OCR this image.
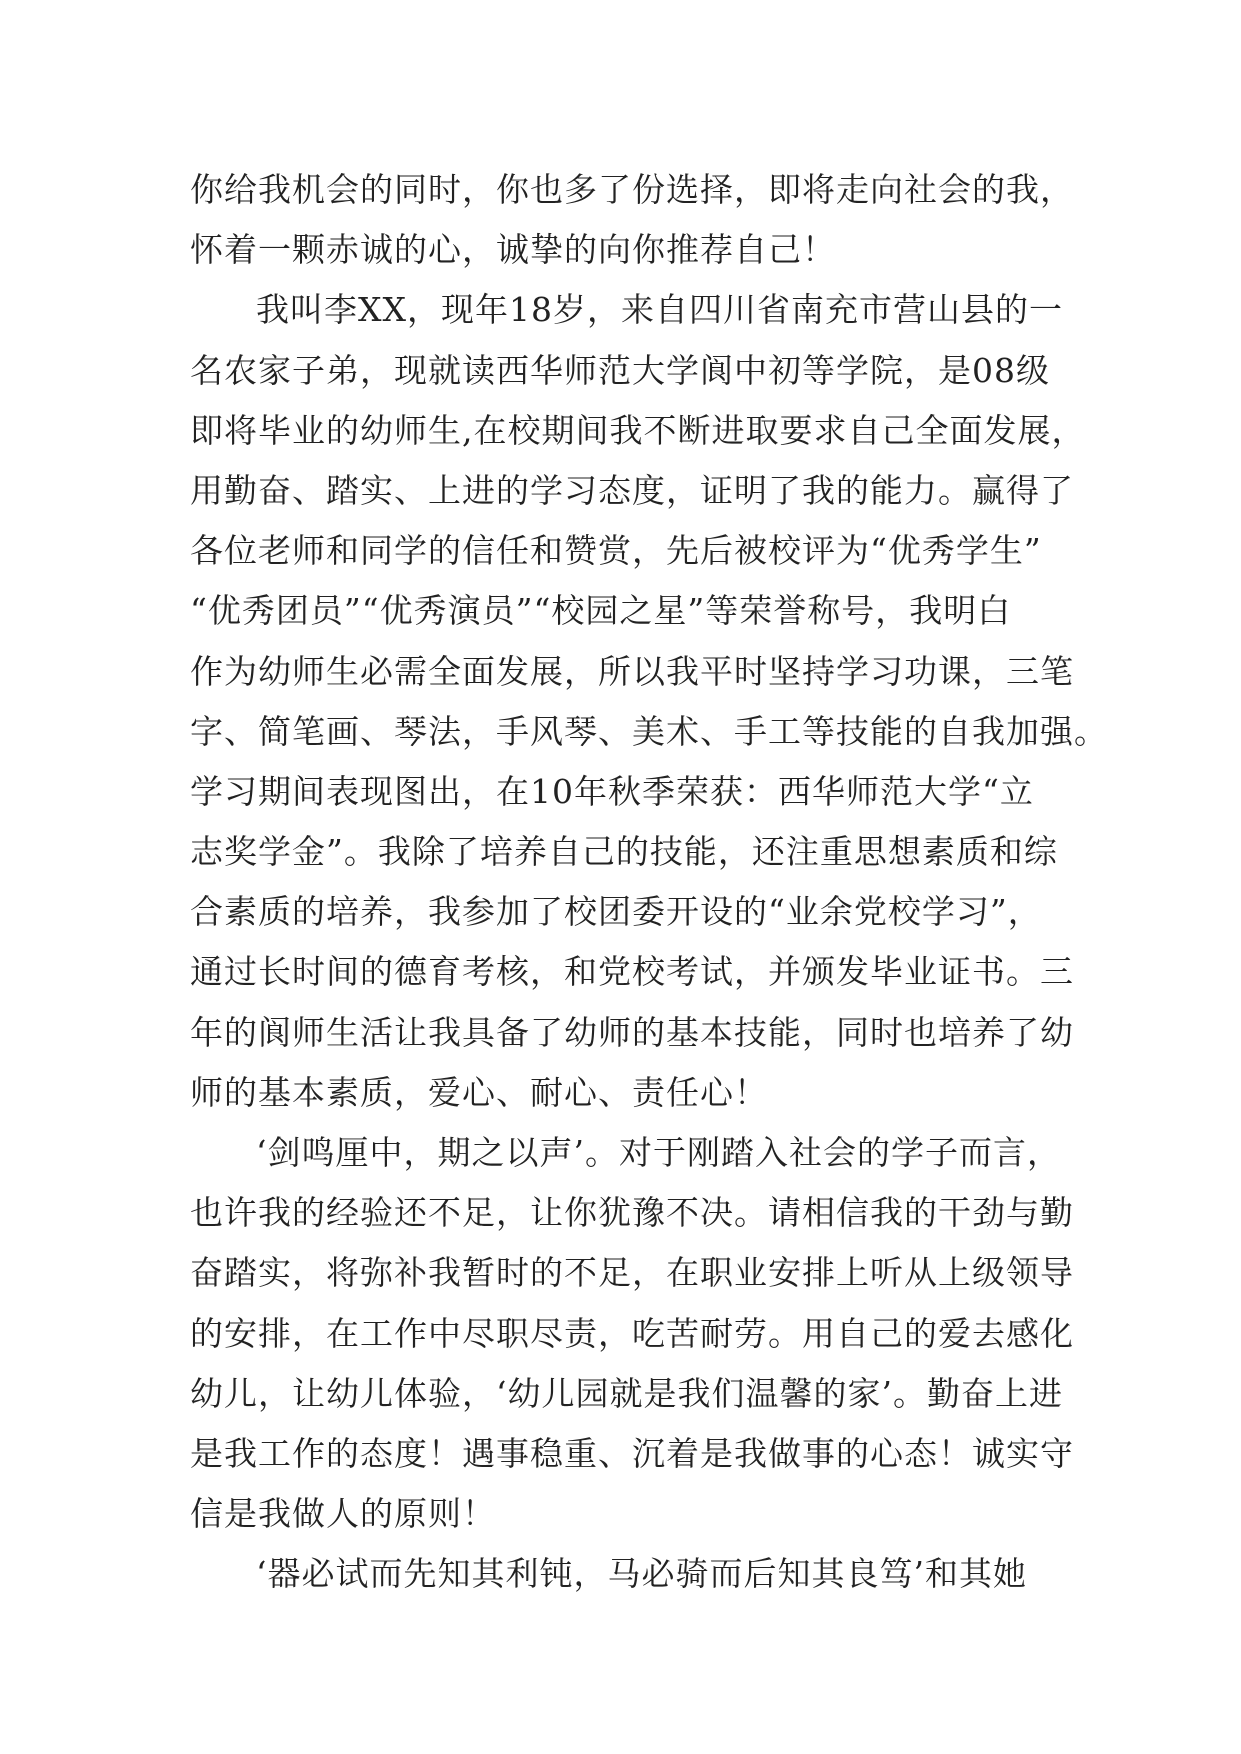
你给我机会的同时，你也多了份选择，即将走向社会的我，
怀着一颗赤诚的心，诚挚的向你推荐自己！
我叫李XX，现年18岁，来自四川省南充市营山县的一
名农家子弟，现就读西华师范大学阆中初等学院，是08级
即将毕业的幼师生,在校期间我不断进取要求自己全面发展，
用勤奋、踏实、上进的学习态度，证明了我的能力。赢得了
各位老师和同学的信任和赞赏，先后被校评为“优秀学生”
“优秀团员”“优秀演员”“校园之星”等荣誉称号，我明白
作为幼师生必需全面发展，所以我平时坚持学习功课，三笔
字、简笔画、琴法，手风琴、美术、手工等技能的自我加强。
学习期间表现图出，在10年秋季荣获：西华师范大学“立
志奖学金”。我除了培养自己的技能，还注重思想素质和综
合素质的培养，我参加了校团委开设的“业余党校学习”，
通过长时间的德育考核，和党校考试，并颁发毕业证书。三
年的阆师生活让我具备了幼师的基本技能，同时也培养了幼
师的基本素质，爱心、耐心、责任心！
‘剑鸣厘中，期之以声’。对于刚踏入社会的学子而言，
也许我的经验还不足，让你犹豫不决。请相信我的干劲与勤
奋踏实，将弥补我暂时的不足，在职业安排上听从上级领导
的安排，在工作中尽职尽责，吃苦耐劳。用自己的爱去感化
幼儿，让幼儿体验，‘幼儿园就是我们温馨的家’。勤奋上进
是我工作的态度！遇事稳重、沉着是我做事的心态！诚实守
信是我做人的原则！
‘器必试而先知其利钝，马必骑而后知其良笃’和其她
